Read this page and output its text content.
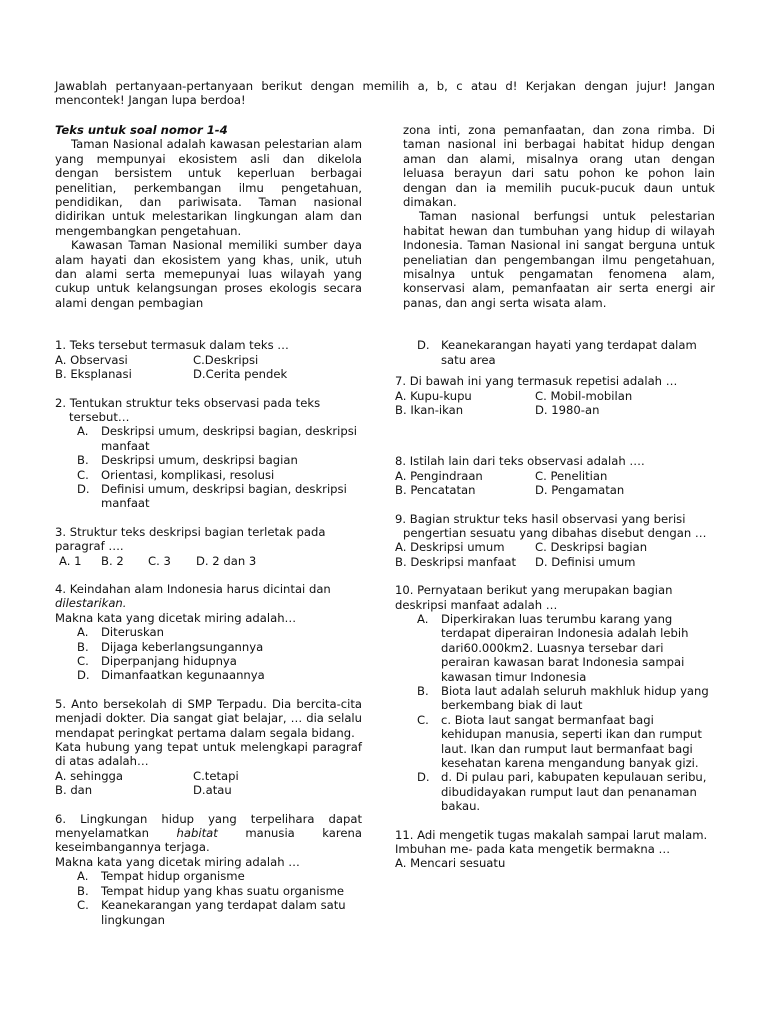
Jawablah pertanyaan-pertanyaan berikut dengan memilih a, b, c atau d! Kerjakan dengan jujur! Jangan mencontek! Jangan lupa berdoa!
Teks untuk soal nomor 1-4
Taman Nasional adalah kawasan pelestarian alam yang mempunyai ekosistem asli dan dikelola dengan bersistem untuk keperluan berbagai penelitian, perkembangan ilmu pengetahuan, pendidikan, dan pariwisata. Taman nasional didirikan untuk melestarikan lingkungan alam dan mengembangkan pengetahuan.
Kawasan Taman Nasional memiliki sumber daya alam hayati dan ekosistem yang khas, unik, utuh dan alami serta memepunyai luas wilayah yang cukup untuk kelangsungan proses ekologis secara alami dengan pembagian
1. Teks tersebut termasuk dalam teks …
A. Observasi	C.Deskripsi
B. Eksplanasi	D.Cerita pendek
2. Tentukan struktur teks observasi pada teks tersebut…
A.	Deskripsi umum, deskripsi bagian, deskripsi manfaat
B.	Deskripsi umum, deskripsi bagian
C.	Orientasi, komplikasi, resolusi
D. Definisi umum, deskripsi bagian, deskripsi manfaat
3. Struktur teks deskripsi bagian terletak pada paragraf ….
A. 1	B. 2	C. 3	D. 2 dan 3
4. Keindahan alam Indonesia harus dicintai dan dilestarikan.
Makna kata yang dicetak miring adalah…
A.	Diteruskan
B.	Dijaga keberlangsungannya
C.	Diperpanjang hidupnya
D. Dimanfaatkan kegunaannya
5. Anto bersekolah di SMP Terpadu. Dia bercita-cita menjadi dokter. Dia sangat giat belajar, … dia selalu mendapat peringkat pertama dalam segala bidang.
Kata hubung yang tepat untuk melengkapi paragraf di atas adalah…
A. sehingga	C.tetapi
B. dan	D.atau
6. Lingkungan hidup yang terpelihara dapat menyelamatkan habitat manusia karena keseimbangannya terjaga.
Makna kata yang dicetak miring adalah …
A.	Tempat hidup organisme
B.	Tempat hidup yang khas suatu organisme
C.	Keanekarangan yang terdapat dalam satu lingkungan
zona inti, zona pemanfaatan, dan zona rimba. Di taman nasional ini berbagai habitat hidup dengan aman dan alami, misalnya orang utan dengan leluasa berayun dari satu pohon ke pohon lain dengan dan ia memilih pucuk-pucuk daun untuk dimakan.
Taman nasional berfungsi untuk pelestarian habitat hewan dan tumbuhan yang hidup di wilayah Indonesia. Taman Nasional ini sangat berguna untuk peneliatian dan pengembangan ilmu pengetahuan, misalnya untuk pengamatan fenomena alam, konservasi alam, pemanfaatan air serta energi air panas, dan angi serta wisata alam.
D. Keanekarangan hayati yang terdapat dalam satu area
7. Di bawah ini yang termasuk repetisi adalah …
A. Kupu-kupu	C. Mobil-mobilan
B. Ikan-ikan	D. 1980-an
8. Istilah lain dari teks observasi adalah ….
A. Pengindraan	C. Penelitian
B. Pencatatan	D. Pengamatan
9. Bagian struktur teks hasil observasi yang berisi pengertian sesuatu yang dibahas disebut dengan …
A. Deskripsi umum	C. Deskripsi bagian
B. Deskripsi manfaat	D. Definisi umum
10. Pernyataan berikut yang merupakan bagian deskripsi manfaat adalah …
A.	Diperkirakan luas terumbu karang yang terdapat diperairan Indonesia adalah lebih dari60.000km2. Luasnya tersebar dari perairan kawasan barat Indonesia sampai kawasan timur Indonesia
B.	Biota laut adalah seluruh makhluk hidup yang berkembang biak di laut
C.	c. Biota laut sangat bermanfaat bagi kehidupan manusia, seperti ikan dan rumput laut. Ikan dan rumput laut bermanfaat bagi kesehatan karena mengandung banyak gizi.
D. d. Di pulau pari, kabupaten kepulauan seribu, dibudidayakan rumput laut dan penanaman bakau.
11. Adi mengetik tugas makalah sampai larut malam. Imbuhan me- pada kata mengetik bermakna …
A. Mencari sesuatu
